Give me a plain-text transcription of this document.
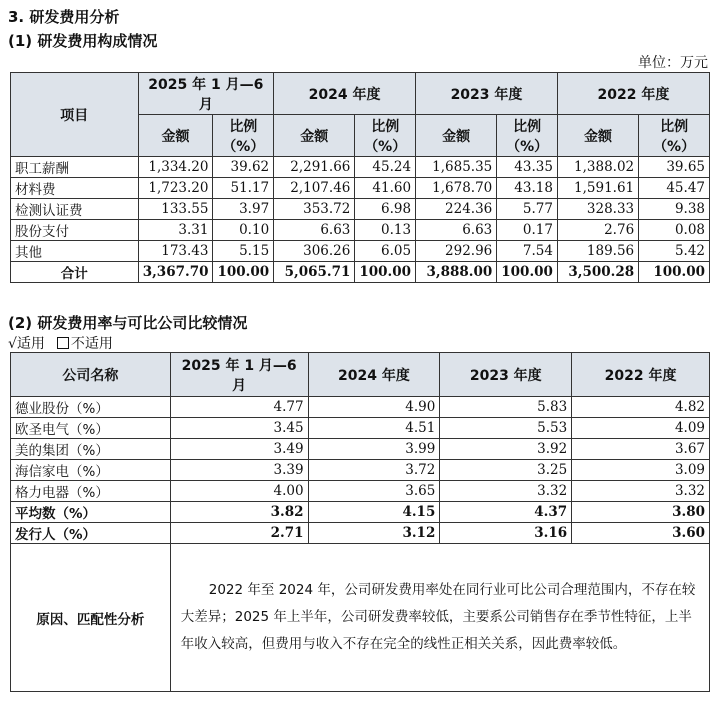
3. 研发费用分析
(1) 研发费用构成情况
单位：万元
项目	2025 年 1 月—6 月		2024 年度		2023 年度		2022 年度	
	金额	比例（%）	金额	比例（%）	金额	比例（%）	金额	比例（%）
职工薪酬	1,334.20	39.62	2,291.66	45.24	1,685.35	43.35	1,388.02	39.65
材料费	1,723.20	51.17	2,107.46	41.60	1,678.70	43.18	1,591.61	45.47
检测认证费	133.55	3.97	353.72	6.98	224.36	5.77	328.33	9.38
股份支付	3.31	0.10	6.63	0.13	6.63	0.17	2.76	0.08
其他	173.43	5.15	306.26	6.05	292.96	7.54	189.56	5.42
合计	3,367.70	100.00	5,065.71	100.00	3,888.00	100.00	3,500.28	100.00
(2) 研发费用率与可比公司比较情况
√适用 不适用
公司名称	2025 年 1 月—6 月	2024 年度	2023 年度	2022 年度
德业股份（%）	4.77	4.90	5.83	4.82
欧圣电气（%）	3.45	4.51	5.53	4.09
美的集团（%）	3.49	3.99	3.92	3.67
海信家电（%）	3.39	3.72	3.25	3.09
格力电器（%）	4.00	3.65	3.32	3.32
平均数（%）	3.82	4.15	4.37	3.80
发行人（%）	2.71	3.12	3.16	3.60
原因、匹配性分析	2022 年至 2024 年，公司研发费用率处在同行业可比公司合理范围内，不存在较大差异；2025 年上半年，公司研发费率较低，主要系公司销售存在季节性特征，上半年收入较高，但费用与收入不存在完全的线性正相关关系，因此费率较低。			
